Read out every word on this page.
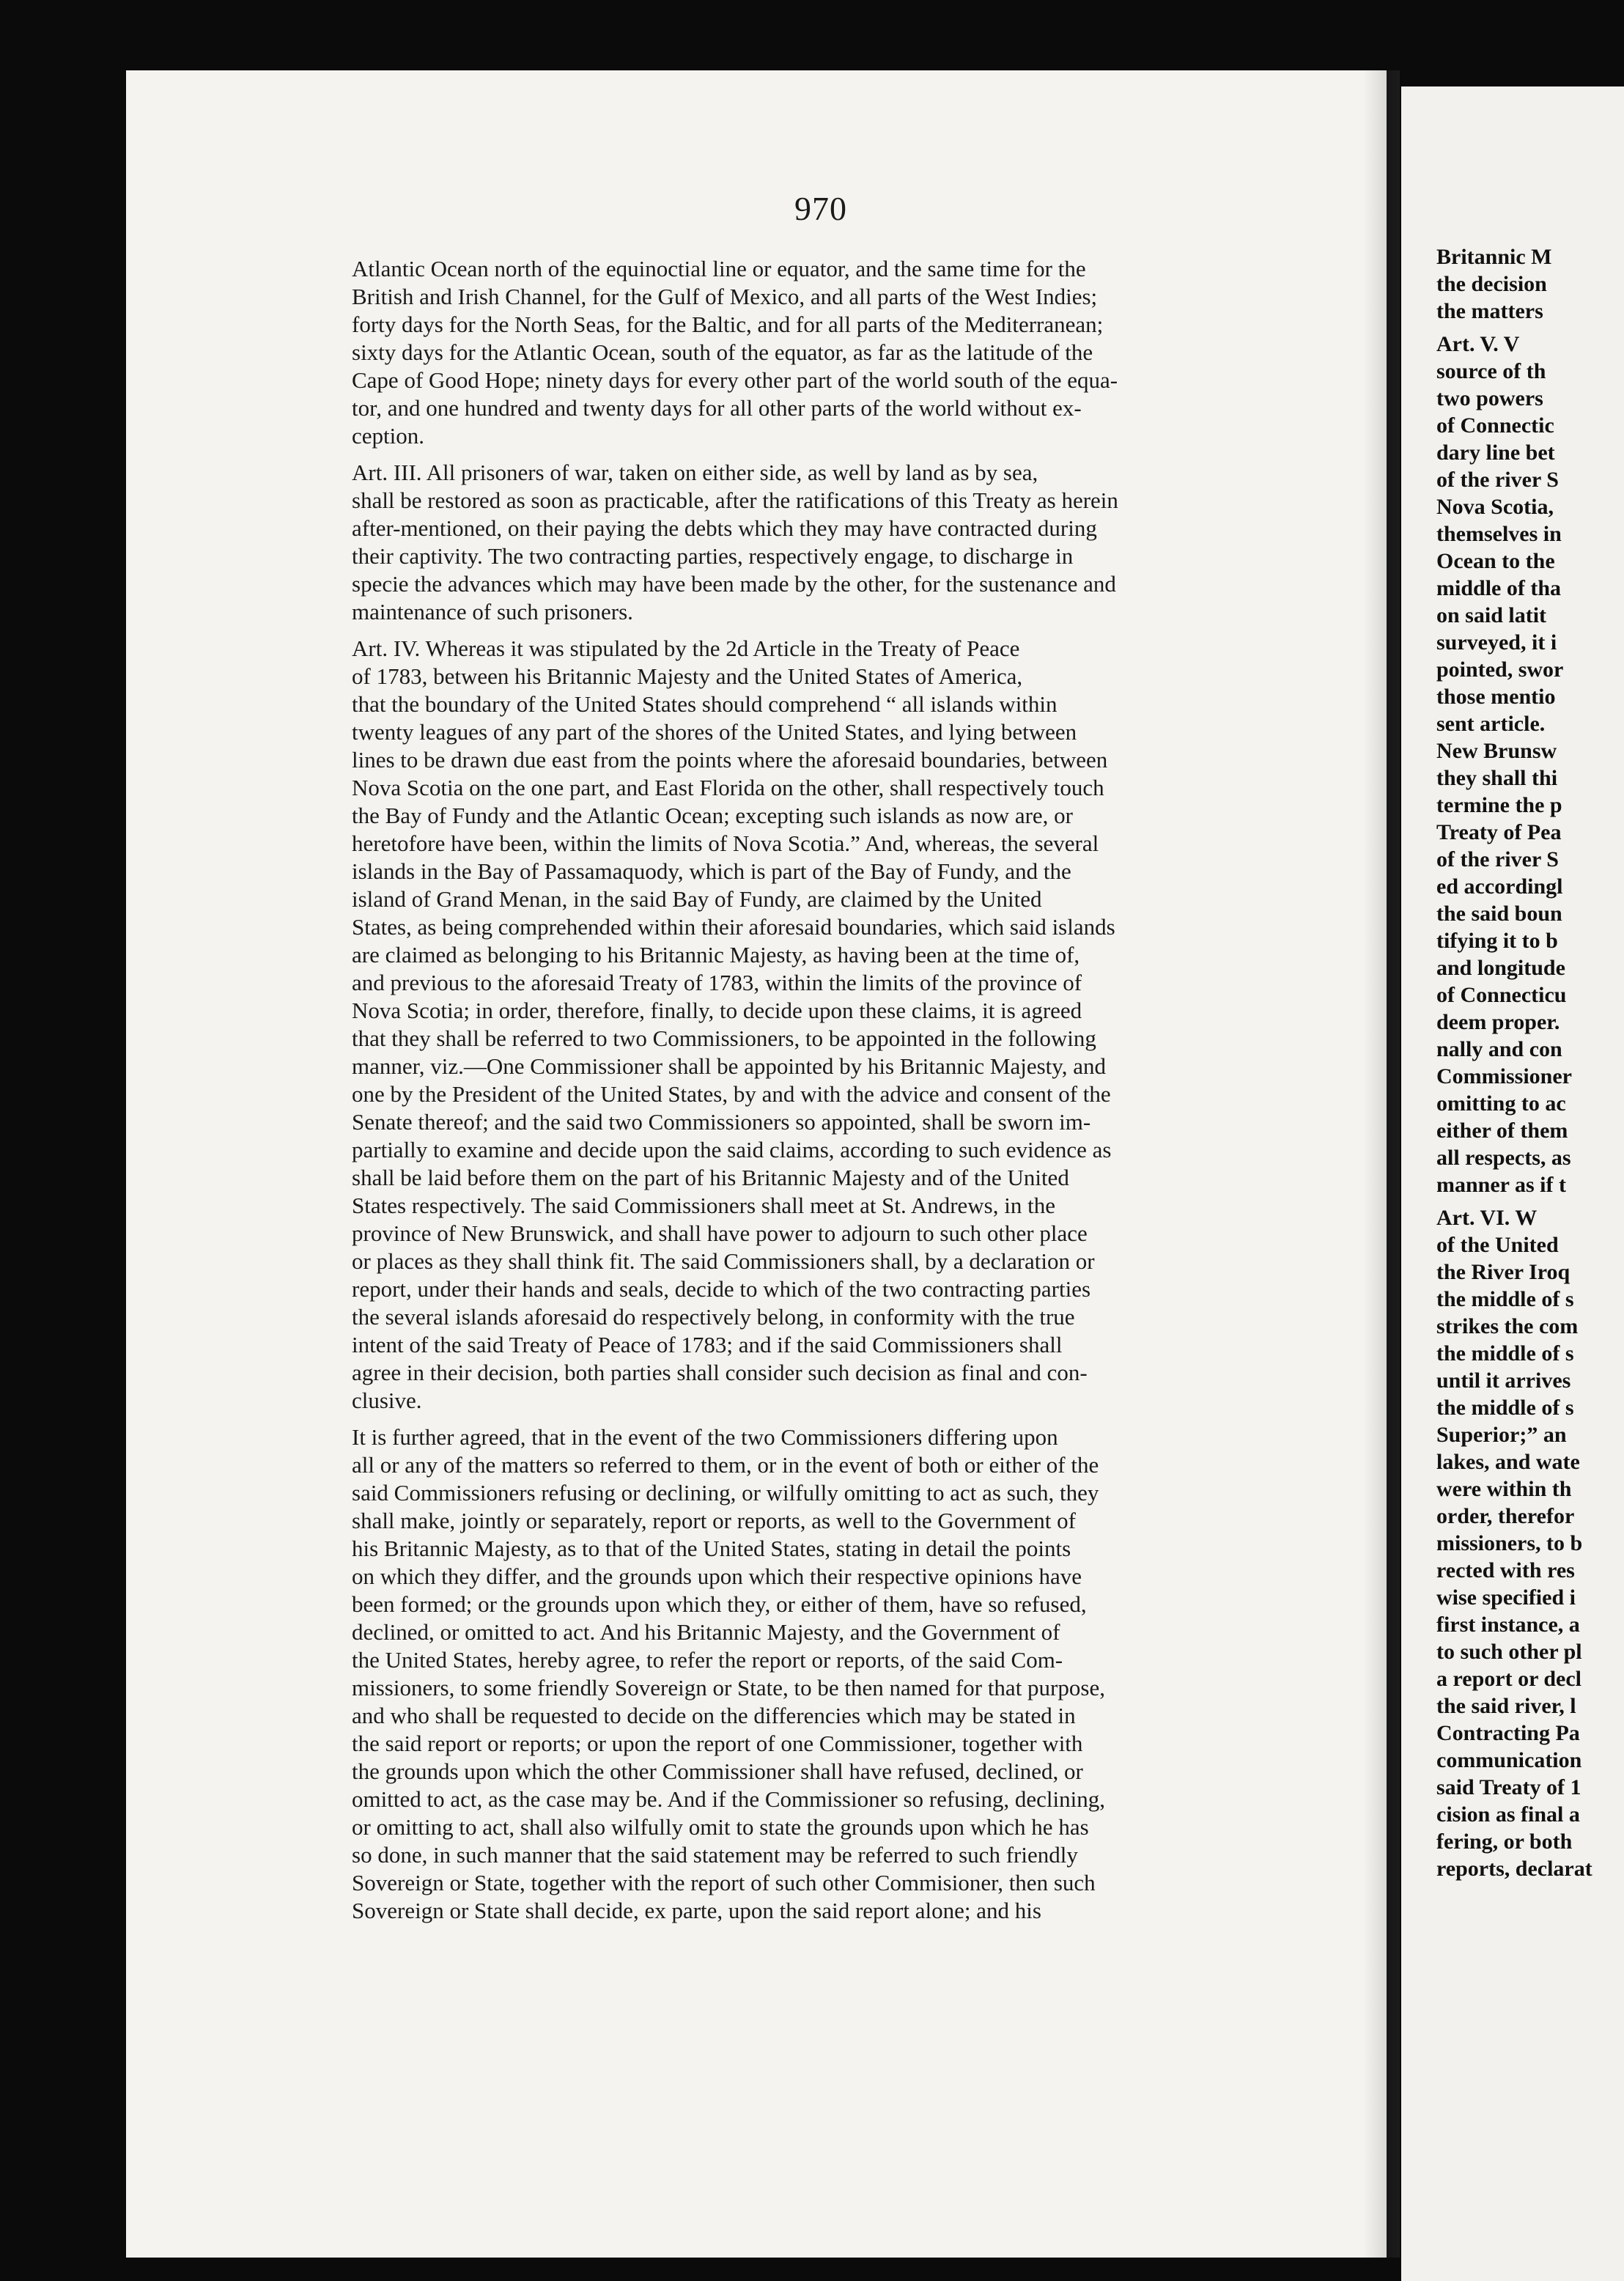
970
Atlantic Ocean north of the equinoctial line or equator, and the same time for the
British and Irish Channel, for the Gulf of Mexico, and all parts of the West Indies;
forty days for the North Seas, for the Baltic, and for all parts of the Mediterranean;
sixty days for the Atlantic Ocean, south of the equator, as far as the latitude of the
Cape of Good Hope; ninety days for every other part of the world south of the equa-
tor, and one hundred and twenty days for all other parts of the world without ex-
ception.
Art. III. All prisoners of war, taken on either side, as well by land as by sea,
shall be restored as soon as practicable, after the ratifications of this Treaty as herein
after-mentioned, on their paying the debts which they may have contracted during
their captivity. The two contracting parties, respectively engage, to discharge in
specie the advances which may have been made by the other, for the sustenance and
maintenance of such prisoners.
Art. IV. Whereas it was stipulated by the 2d Article in the Treaty of Peace
of 1783, between his Britannic Majesty and the United States of America,
that the boundary of the United States should comprehend “ all islands within
twenty leagues of any part of the shores of the United States, and lying between
lines to be drawn due east from the points where the aforesaid boundaries, between
Nova Scotia on the one part, and East Florida on the other, shall respectively touch
the Bay of Fundy and the Atlantic Ocean; excepting such islands as now are, or
heretofore have been, within the limits of Nova Scotia.” And, whereas, the several
islands in the Bay of Passamaquody, which is part of the Bay of Fundy, and the
island of Grand Menan, in the said Bay of Fundy, are claimed by the United
States, as being comprehended within their aforesaid boundaries, which said islands
are claimed as belonging to his Britannic Majesty, as having been at the time of,
and previous to the aforesaid Treaty of 1783, within the limits of the province of
Nova Scotia; in order, therefore, finally, to decide upon these claims, it is agreed
that they shall be referred to two Commissioners, to be appointed in the following
manner, viz.—One Commissioner shall be appointed by his Britannic Majesty, and
one by the President of the United States, by and with the advice and consent of the
Senate thereof; and the said two Commissioners so appointed, shall be sworn im-
partially to examine and decide upon the said claims, according to such evidence as
shall be laid before them on the part of his Britannic Majesty and of the United
States respectively. The said Commissioners shall meet at St. Andrews, in the
province of New Brunswick, and shall have power to adjourn to such other place
or places as they shall think fit. The said Commissioners shall, by a declaration or
report, under their hands and seals, decide to which of the two contracting parties
the several islands aforesaid do respectively belong, in conformity with the true
intent of the said Treaty of Peace of 1783; and if the said Commissioners shall
agree in their decision, both parties shall consider such decision as final and con-
clusive.
It is further agreed, that in the event of the two Commissioners differing upon
all or any of the matters so referred to them, or in the event of both or either of the
said Commissioners refusing or declining, or wilfully omitting to act as such, they
shall make, jointly or separately, report or reports, as well to the Government of
his Britannic Majesty, as to that of the United States, stating in detail the points
on which they differ, and the grounds upon which their respective opinions have
been formed; or the grounds upon which they, or either of them, have so refused,
declined, or omitted to act. And his Britannic Majesty, and the Government of
the United States, hereby agree, to refer the report or reports, of the said Com-
missioners, to some friendly Sovereign or State, to be then named for that purpose,
and who shall be requested to decide on the differencies which may be stated in
the said report or reports; or upon the report of one Commissioner, together with
the grounds upon which the other Commissioner shall have refused, declined, or
omitted to act, as the case may be. And if the Commissioner so refusing, declining,
or omitting to act, shall also wilfully omit to state the grounds upon which he has
so done, in such manner that the said statement may be referred to such friendly
Sovereign or State, together with the report of such other Commisioner, then such
Sovereign or State shall decide, ex parte, upon the said report alone; and his
Britannic M
the decision
the matters
Art. V. V
source of th
two powers
of Connectic
dary line bet
of the river S
Nova Scotia,
themselves in
Ocean to the
middle of tha
on said latit
surveyed, it i
pointed, swor
those mentio
sent article.
New Brunsw
they shall thi
termine the p
Treaty of Pea
of the river S
ed accordingl
the said boun
tifying it to b
and longitude
of Connecticu
deem proper.
nally and con
Commissioner
omitting to ac
either of them
all respects, as
manner as if t
Art. VI. W
of the United
the River Iroq
the middle of s
strikes the com
the middle of s
until it arrives
the middle of s
Superior;” an
lakes, and wate
were within th
order, therefor
missioners, to b
rected with res
wise specified i
first instance, a
to such other pl
a report or decl
the said river, l
Contracting Pa
communication
said Treaty of 1
cision as final a
fering, or both
reports, declarat
